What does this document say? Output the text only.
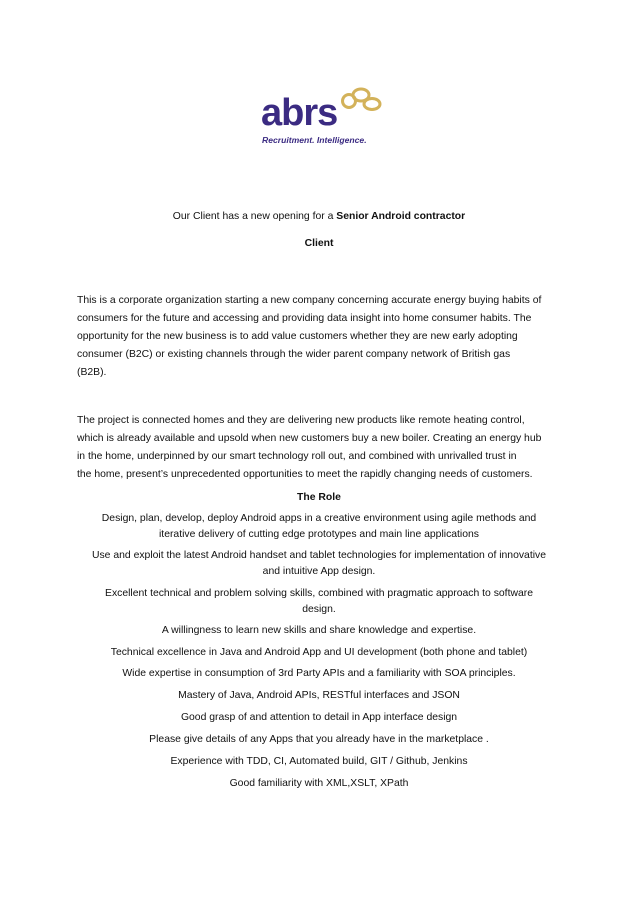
abrs
Recruitment. Intelligence.
Our Client has a new opening for a Senior Android contractor
Client
This is a corporate organization starting a new company concerning accurate energy buying habits of
consumers for the future and accessing and providing data insight into home consumer habits. The
opportunity for the new business is to add value customers whether they are new early adopting
consumer (B2C) or existing channels through the wider parent company network of British gas
(B2B).
The project is connected homes and they are delivering new products like remote heating control,
which is already available and upsold when new customers buy a new boiler. Creating an energy hub
in the home, underpinned by our smart technology roll out, and combined with unrivalled trust in
the home, present’s unprecedented opportunities to meet the rapidly changing needs of customers.
The Role
Design, plan, develop, deploy Android apps in a creative environment using agile methods and
iterative delivery of cutting edge prototypes and main line applications
Use and exploit the latest Android handset and tablet technologies for implementation of innovative
and intuitive App design.
Excellent technical and problem solving skills, combined with pragmatic approach to software
design.
A willingness to learn new skills and share knowledge and expertise.
Technical excellence in Java and Android App and UI development (both phone and tablet)
Wide expertise in consumption of 3rd Party APIs and a familiarity with SOA principles.
Mastery of Java, Android APIs, RESTful interfaces and JSON
Good grasp of and attention to detail in App interface design
Please give details of any Apps that you already have in the marketplace .
Experience with TDD, CI, Automated build, GIT / Github, Jenkins
Good familiarity with XML,XSLT, XPath
